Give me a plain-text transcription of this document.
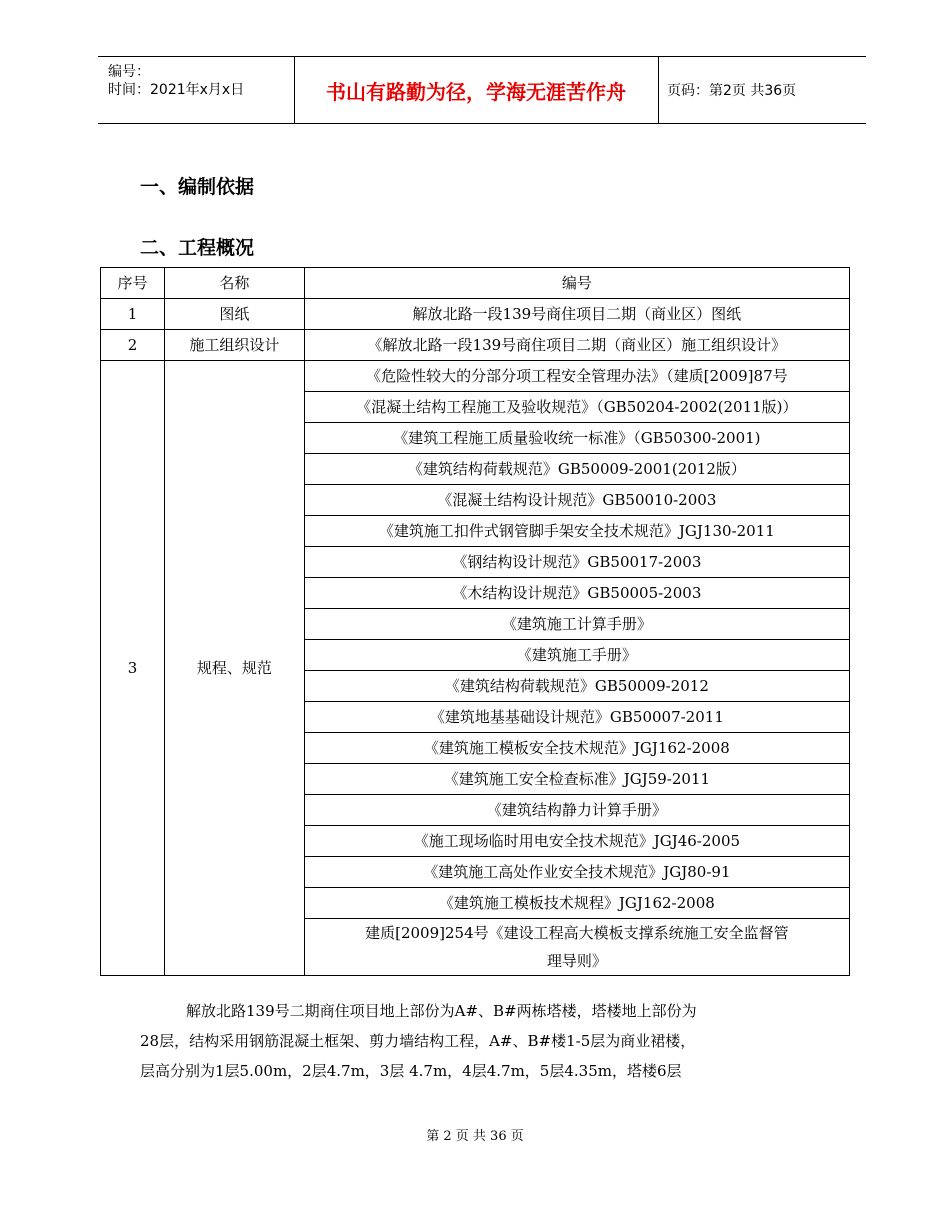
编号：
时间：2021年x月x日	书山有路勤为径，学海无涯苦作舟	页码：第2页 共36页
一、编制依据
二、工程概况
序号	名称	编号
1	图纸	解放北路一段139号商住项目二期（商业区）图纸
2	施工组织设计	《解放北路一段139号商住项目二期（商业区）施工组织设计》
3	规程、规范	《危险性较大的分部分项工程安全管理办法》（建质[2009]87号
		《混凝土结构工程施工及验收规范》（GB50204-2002(2011版)）
		《建筑工程施工质量验收统一标准》（GB50300-2001)
		《建筑结构荷载规范》GB50009-2001(2012版）
		《混凝土结构设计规范》GB50010-2003
		《建筑施工扣件式钢管脚手架安全技术规范》JGJ130-2011
		《钢结构设计规范》GB50017-2003
		《木结构设计规范》GB50005-2003
		《建筑施工计算手册》
		《建筑施工手册》
		《建筑结构荷载规范》GB50009-2012
		《建筑地基基础设计规范》GB50007-2011
		《建筑施工模板安全技术规范》JGJ162-2008
		《建筑施工安全检查标准》JGJ59-2011
		《建筑结构静力计算手册》
		《施工现场临时用电安全技术规范》JGJ46-2005
		《建筑施工高处作业安全技术规范》JGJ80-91
		《建筑施工模板技术规程》JGJ162-2008

		建质[2009]254号《建设工程高大模板支撑系统施工安全监督管
理导则》
解放北路139号二期商住项目地上部份为A#、B#两栋塔楼，塔楼地上部份为
28层，结构采用钢筋混凝土框架、剪力墙结构工程，A#、B#楼1-5层为商业裙楼，
层高分别为1层5.00m，2层4.7m，3层 4.7m，4层4.7m，5层4.35m，塔楼6层
第 2 页 共 36 页
